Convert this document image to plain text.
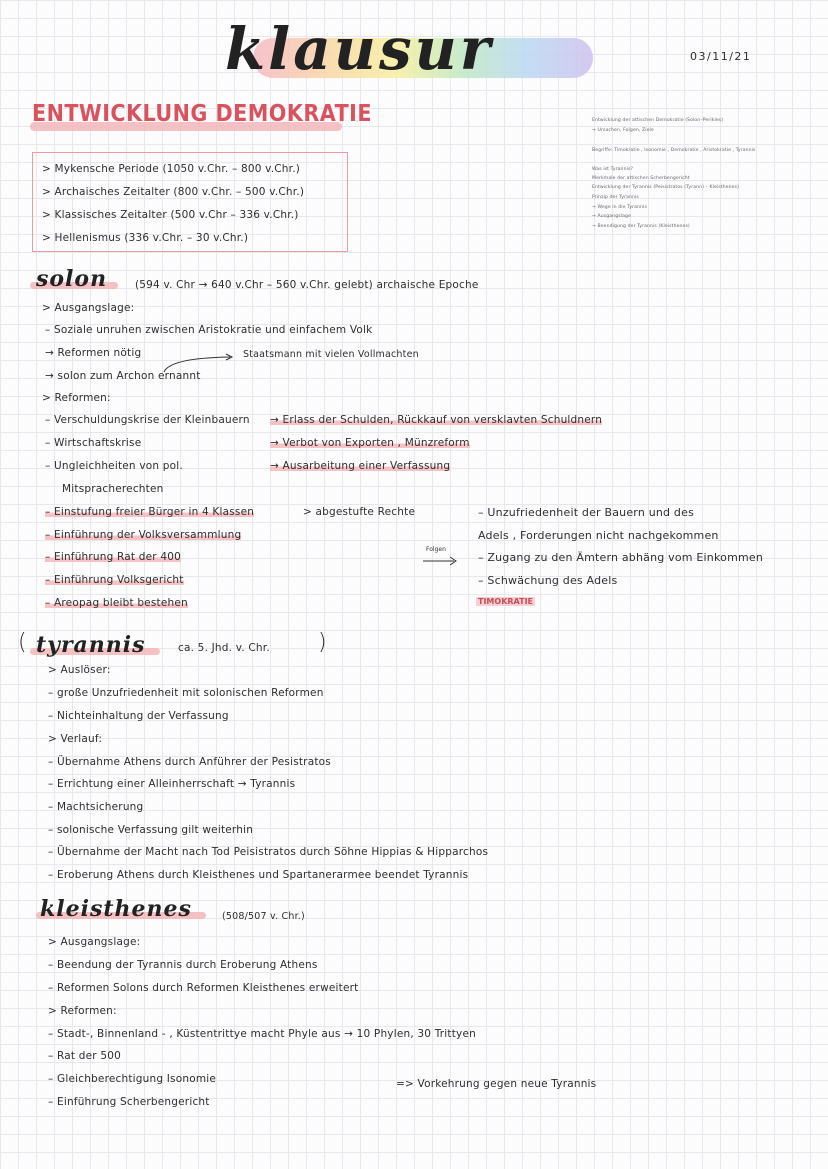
klausur	03/11/21
ENTWICKLUNG DEMOKRATIE
> Mykensche Periode (1050 v.Chr. – 800 v.Chr.)
> Archaisches Zeitalter (800 v.Chr. – 500 v.Chr.)
> Klassisches Zeitalter (500 v.Chr – 336 v.Chr.)
> Hellenismus (336 v.Chr. – 30 v.Chr.)
Entwicklung der attischen Demokratie (Solon–Perikles)
→ Ursachen, Folgen, Ziele
Begriffe: Timokratie , Isonomie , Demokratie , Aristokratie , Tyrannis
Was ist Tyrannis?
Merkmale der attischen Scherbengericht
Entwicklung der Tyrannis (Peisistratos (Tyrann) – Kleisthenes)
Prinzip der Tyrannis
→ Wege in die Tyrannis
→ Ausgangslage
→ Beendigung der Tyrannis (Kleisthenes)
solon	(594 v. Chr → 640 v.Chr – 560 v.Chr. gelebt) archaische Epoche
> Ausgangslage:
– Soziale unruhen zwischen Aristokratie und einfachem Volk
→ Reformen nötig
→ solon zum Archon ernannt
Staatsmann mit vielen Vollmachten
> Reformen:
– Verschuldungskrise der Kleinbauern → Erlass der Schulden, Rückkauf von versklavten Schuldnern
– Wirtschaftskrise	→ Verbot von Exporten , Münzreform
– Ungleichheiten von pol.	→ Ausarbeitung einer Verfassung
Mitspracherechten
– Einstufung freier Bürger in 4 Klassen	> abgestufte Rechte
– Einführung der Volksversammlung
– Einführung Rat der 400
– Einführung Volksgericht
– Areopag bleibt bestehen
Folgen
– Unzufriedenheit der Bauern und des
Adels , Forderungen nicht nachgekommen
– Zugang zu den Ämtern abhäng vom Einkommen
– Schwächung des Adels
TIMOKRATIE
( tyrannis	ca. 5. Jhd. v. Chr. )
> Auslöser:
– große Unzufriedenheit mit solonischen Reformen
– Nichteinhaltung der Verfassung
> Verlauf:
– Übernahme Athens durch Anführer der Pesistratos
– Errichtung einer Alleinherrschaft → Tyrannis
– Machtsicherung
– solonische Verfassung gilt weiterhin
– Übernahme der Macht nach Tod Peisistratos durch Söhne Hippias & Hipparchos
– Eroberung Athens durch Kleisthenes und Spartanerarmee beendet Tyrannis
kleisthenes	(508/507 v. Chr.)
> Ausgangslage:
– Beendung der Tyrannis durch Eroberung Athens
– Reformen Solons durch Reformen Kleisthenes erweitert
> Reformen:
– Stadt-, Binnenland - , Küstentrittye macht Phyle aus → 10 Phylen, 30 Trittyen
– Rat der 500
– Gleichberechtigung Isonomie
– Einführung Scherbengericht
=> Vorkehrung gegen neue Tyrannis
